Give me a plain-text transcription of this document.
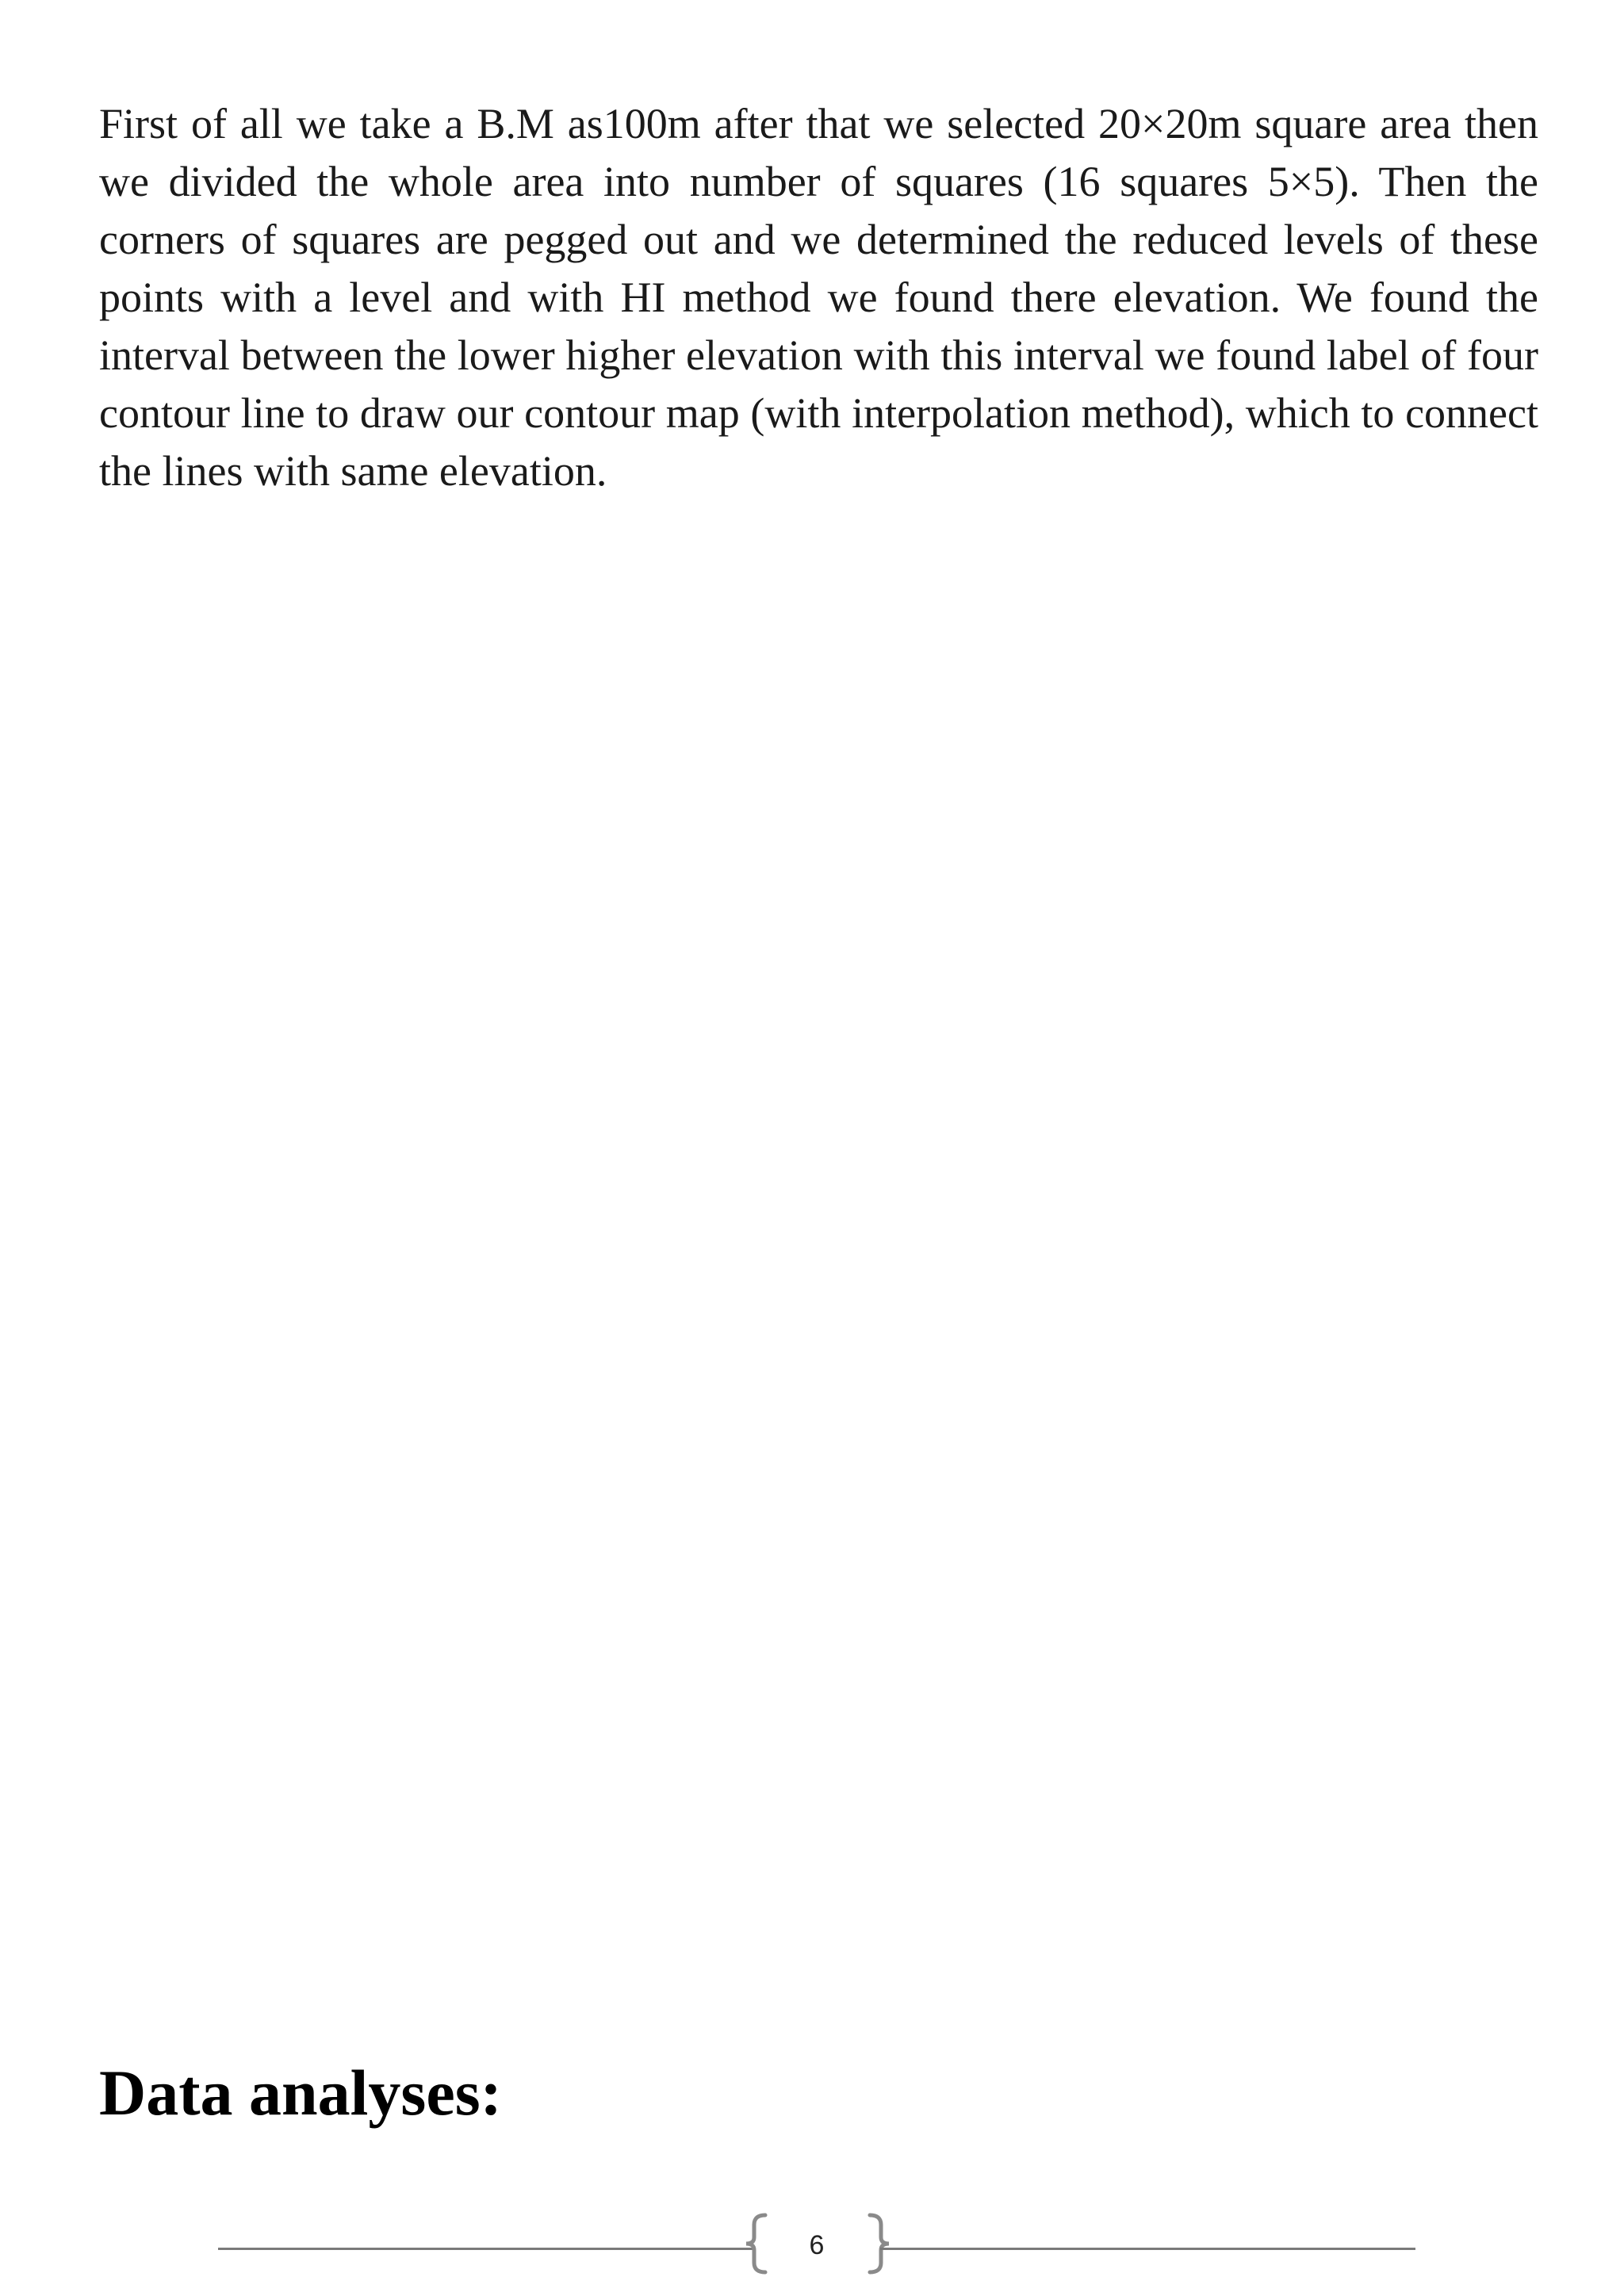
First of all we take a B.M as100m after that we selected 20×20m square area then we divided the whole area into number of squares (16 squares 5×5). Then the corners of squares are pegged out and we determined the reduced levels of these points with a level and with HI method we found there elevation. We found the interval between the lower higher elevation with this interval we found label of four contour line to draw our contour map (with interpolation method), which to connect the lines with same elevation.

Data analyses:
6
